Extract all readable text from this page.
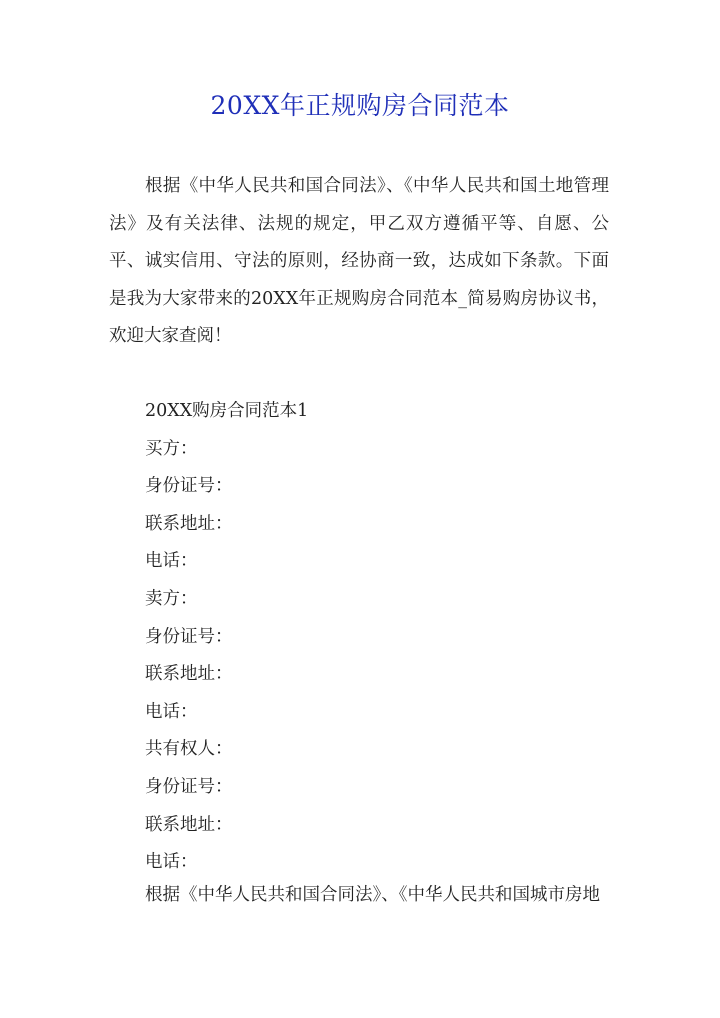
20XX年正规购房合同范本

根据《中华人民共和国合同法》、《中华人民共和国土地管理法》及有关法律、法规的规定，甲乙双方遵循平等、自愿、公平、诚实信用、守法的原则，经协商一致，达成如下条款。下面是我为大家带来的20XX年正规购房合同范本_简易购房协议书，欢迎大家查阅！

20XX购房合同范本1
买方：
身份证号：
联系地址：
电话：
卖方：
身份证号：
联系地址：
电话：
共有权人：
身份证号：
联系地址：
电话：

根据《中华人民共和国合同法》、《中华人民共和国城市房地
